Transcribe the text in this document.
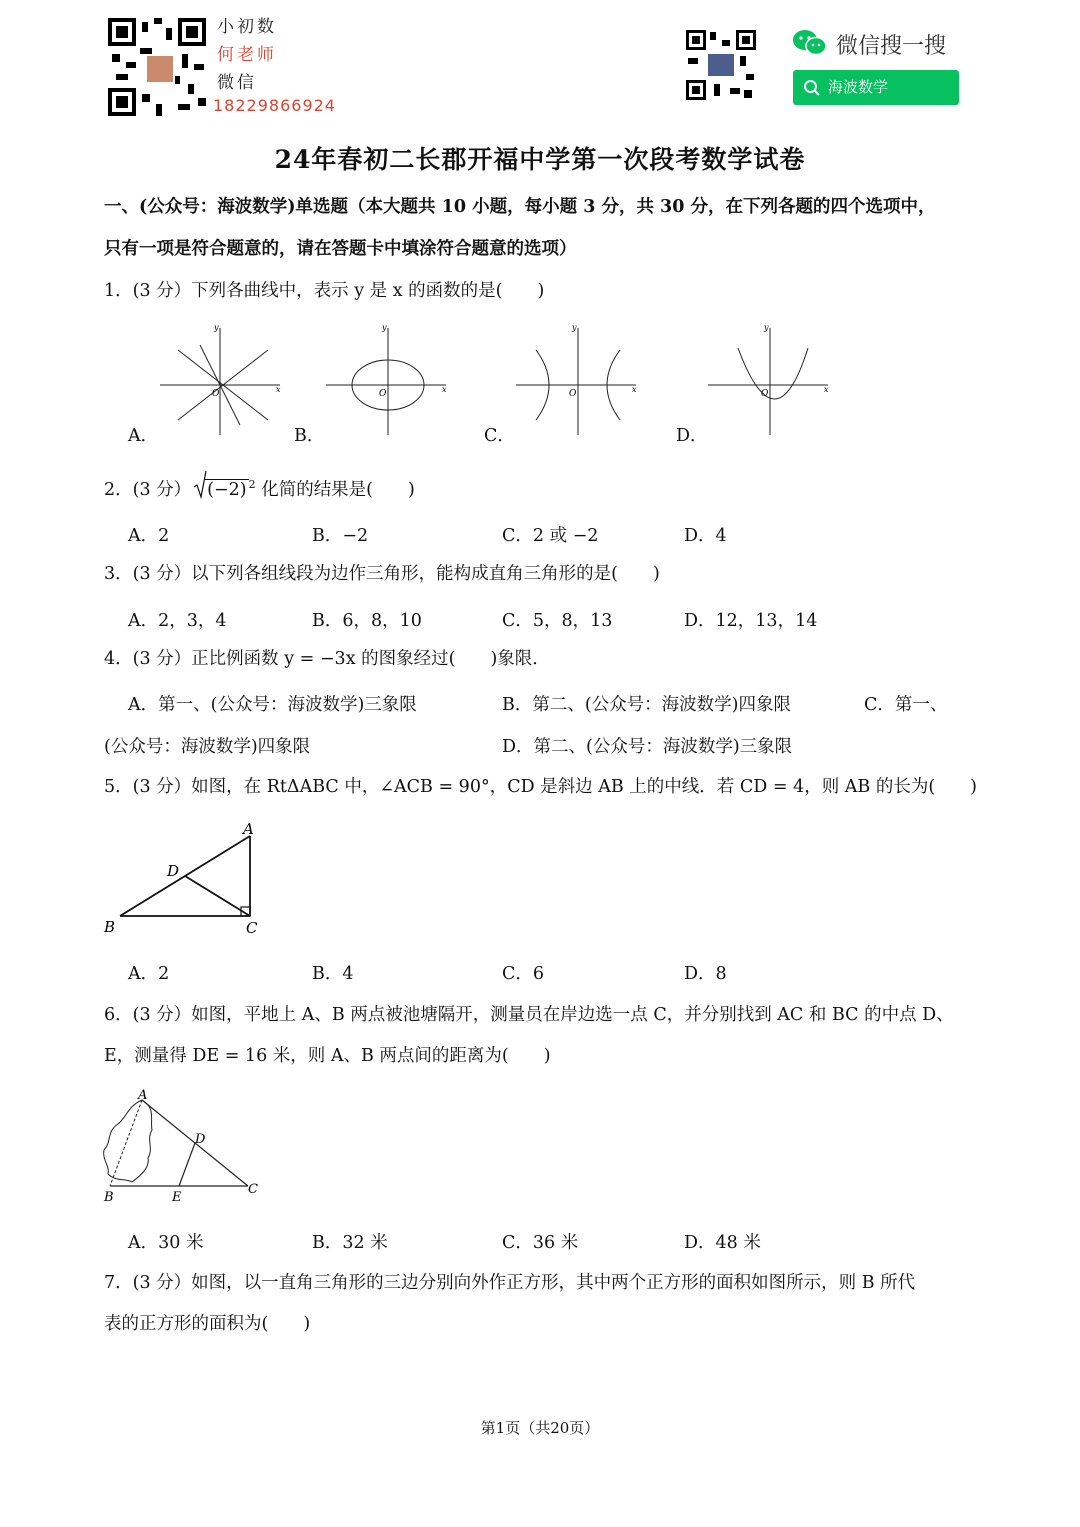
小初数
何老师
微信
18229866924
微信搜一搜
海波数学
24年春初二长郡开福中学第一次段考数学试卷
一、(公众号：海波数学)单选题（本大题共 10 小题，每小题 3 分，共 30 分，在下列各题的四个选项中，
只有一项是符合题意的，请在答题卡中填涂符合题意的选项）
1．(3 分）下列各曲线中，表示 y 是 x 的函数的是(　　)
y
x
O
A．
y
x
O
B．
y
x
O
C．
y
x
O
D．
2．(3 分） (−2) $^2$ 化简的结果是(　　)
A．2	B．−2	C．2 或 −2	D．4
3．(3 分）以下列各组线段为边作三角形，能构成直角三角形的是(　　)
A．2，3，4	B．6，8，10	C．5，8，13	D．12，13，14
4．(3 分）正比例函数 y = −3x 的图象经过(　　)象限．
A．第一、(公众号：海波数学)三象限	B．第二、(公众号：海波数学)四象限	C．第一、
(公众号：海波数学)四象限	D．第二、(公众号：海波数学)三象限
5．(3 分）如图，在 RtΔABC 中，∠ACB = 90°，CD 是斜边 AB 上的中线．若 CD = 4，则 AB 的长为(　　)
A
D
B	C
A．2	B．4	C．6	D．8
6．(3 分）如图，平地上 A、B 两点被池塘隔开，测量员在岸边选一点 C，并分别找到 AC 和 BC 的中点 D、
E，测量得 DE = 16 米，则 A、B 两点间的距离为(　　)
A
D
B	E
C
A．30 米	B．32 米	C．36 米	D．48 米
7．(3 分）如图，以一直角三角形的三边分别向外作正方形，其中两个正方形的面积如图所示，则 B 所代
表的正方形的面积为(　　)
第1页（共20页）
